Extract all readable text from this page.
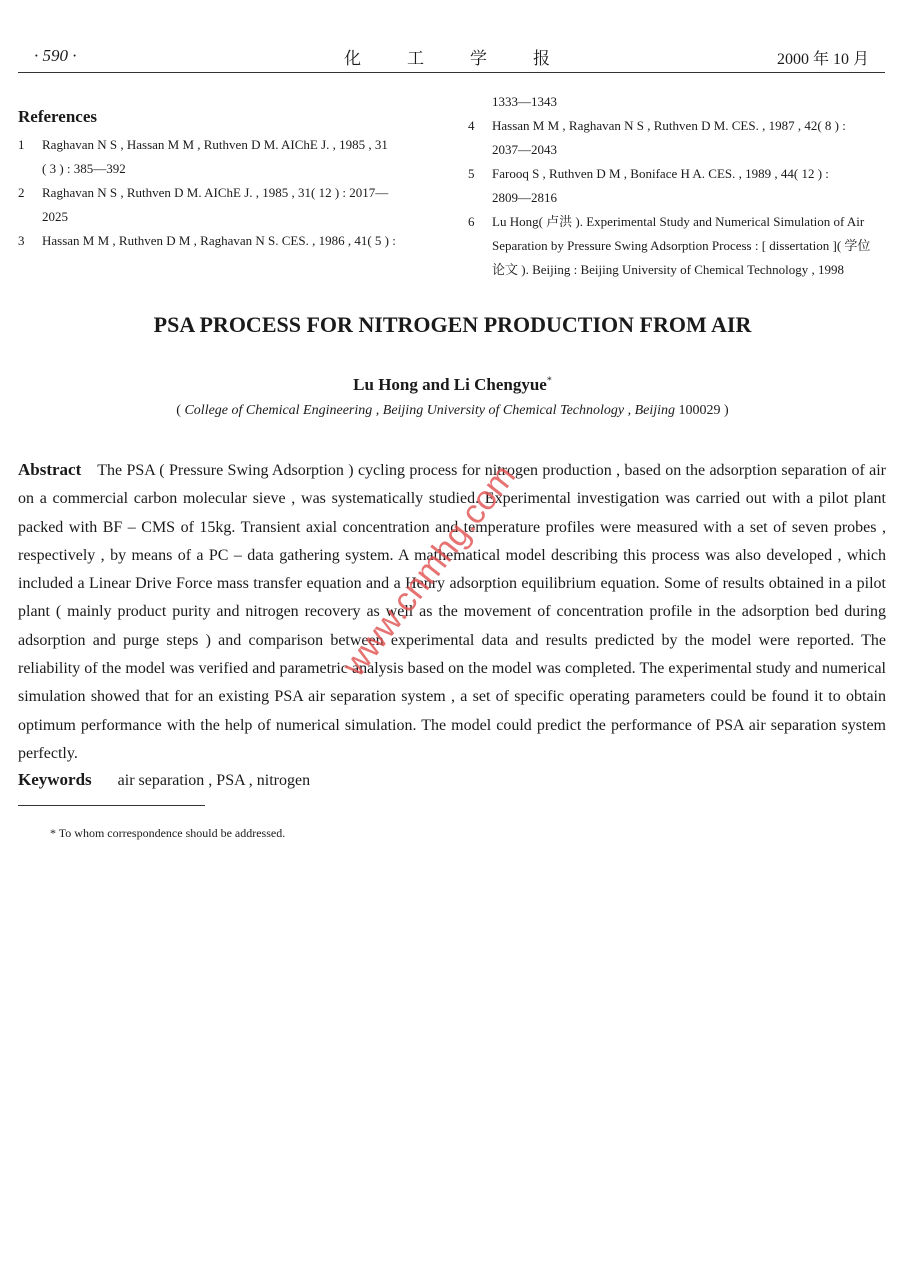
· 590 ·	化	工	学	报	2000 年 10 月
References
1 Raghavan N S , Hassan M M , Ruthven D M. AIChE J. , 1985 , 31
( 3 ) : 385—392
2 Raghavan N S , Ruthven D M. AIChE J. , 1985 , 31( 12 ) : 2017—
2025
3 Hassan M M , Ruthven D M , Raghavan N S. CES. , 1986 , 41( 5 ) :
1333—1343
4 Hassan M M , Raghavan N S , Ruthven D M. CES. , 1987 , 42( 8 ) :
2037—2043
5 Farooq S , Ruthven D M , Boniface H A. CES. , 1989 , 44( 12 ) :
2809—2816
6 Lu Hong( 卢洪 ). Experimental Study and Numerical Simulation of Air
Separation by Pressure Swing Adsorption Process : [ dissertation ]( 学位
论文 ). Beijing : Beijing University of Chemical Technology , 1998
PSA PROCESS FOR NITROGEN PRODUCTION FROM AIR
Lu Hong and Li Chengyue*
( College of Chemical Engineering , Beijing University of Chemical Technology , Beijing 100029 )
Abstract The PSA ( Pressure Swing Adsorption ) cycling process for nitrogen production , based on the adsorption separation of air on a commercial carbon molecular sieve , was systematically studied. Experimental investigation was carried out with a pilot plant packed with BF – CMS of 15kg. Transient axial concentration and temperature profiles were measured with a set of seven probes , respectively , by means of a PC – data gathering system. A mathematical model describing this process was also developed , which included a Linear Drive Force mass transfer equation and a Henry adsorption equilibrium equation. Some of results obtained in a pilot plant ( mainly product purity and nitrogen recovery as well as the movement of concentration profile in the adsorption bed during adsorption and purge steps ) and comparison between experimental data and results predicted by the model were reported. The reliability of the model was verified and parametric analysis based on the model was completed. The experimental study and numerical simulation showed that for an existing PSA air separation system , a set of specific operating parameters could be found it to obtain optimum performance with the help of numerical simulation. The model could predict the performance of PSA air separation system perfectly.
Keywords air separation , PSA , nitrogen
* To whom correspondence should be addressed.
www.cnmhg.com
